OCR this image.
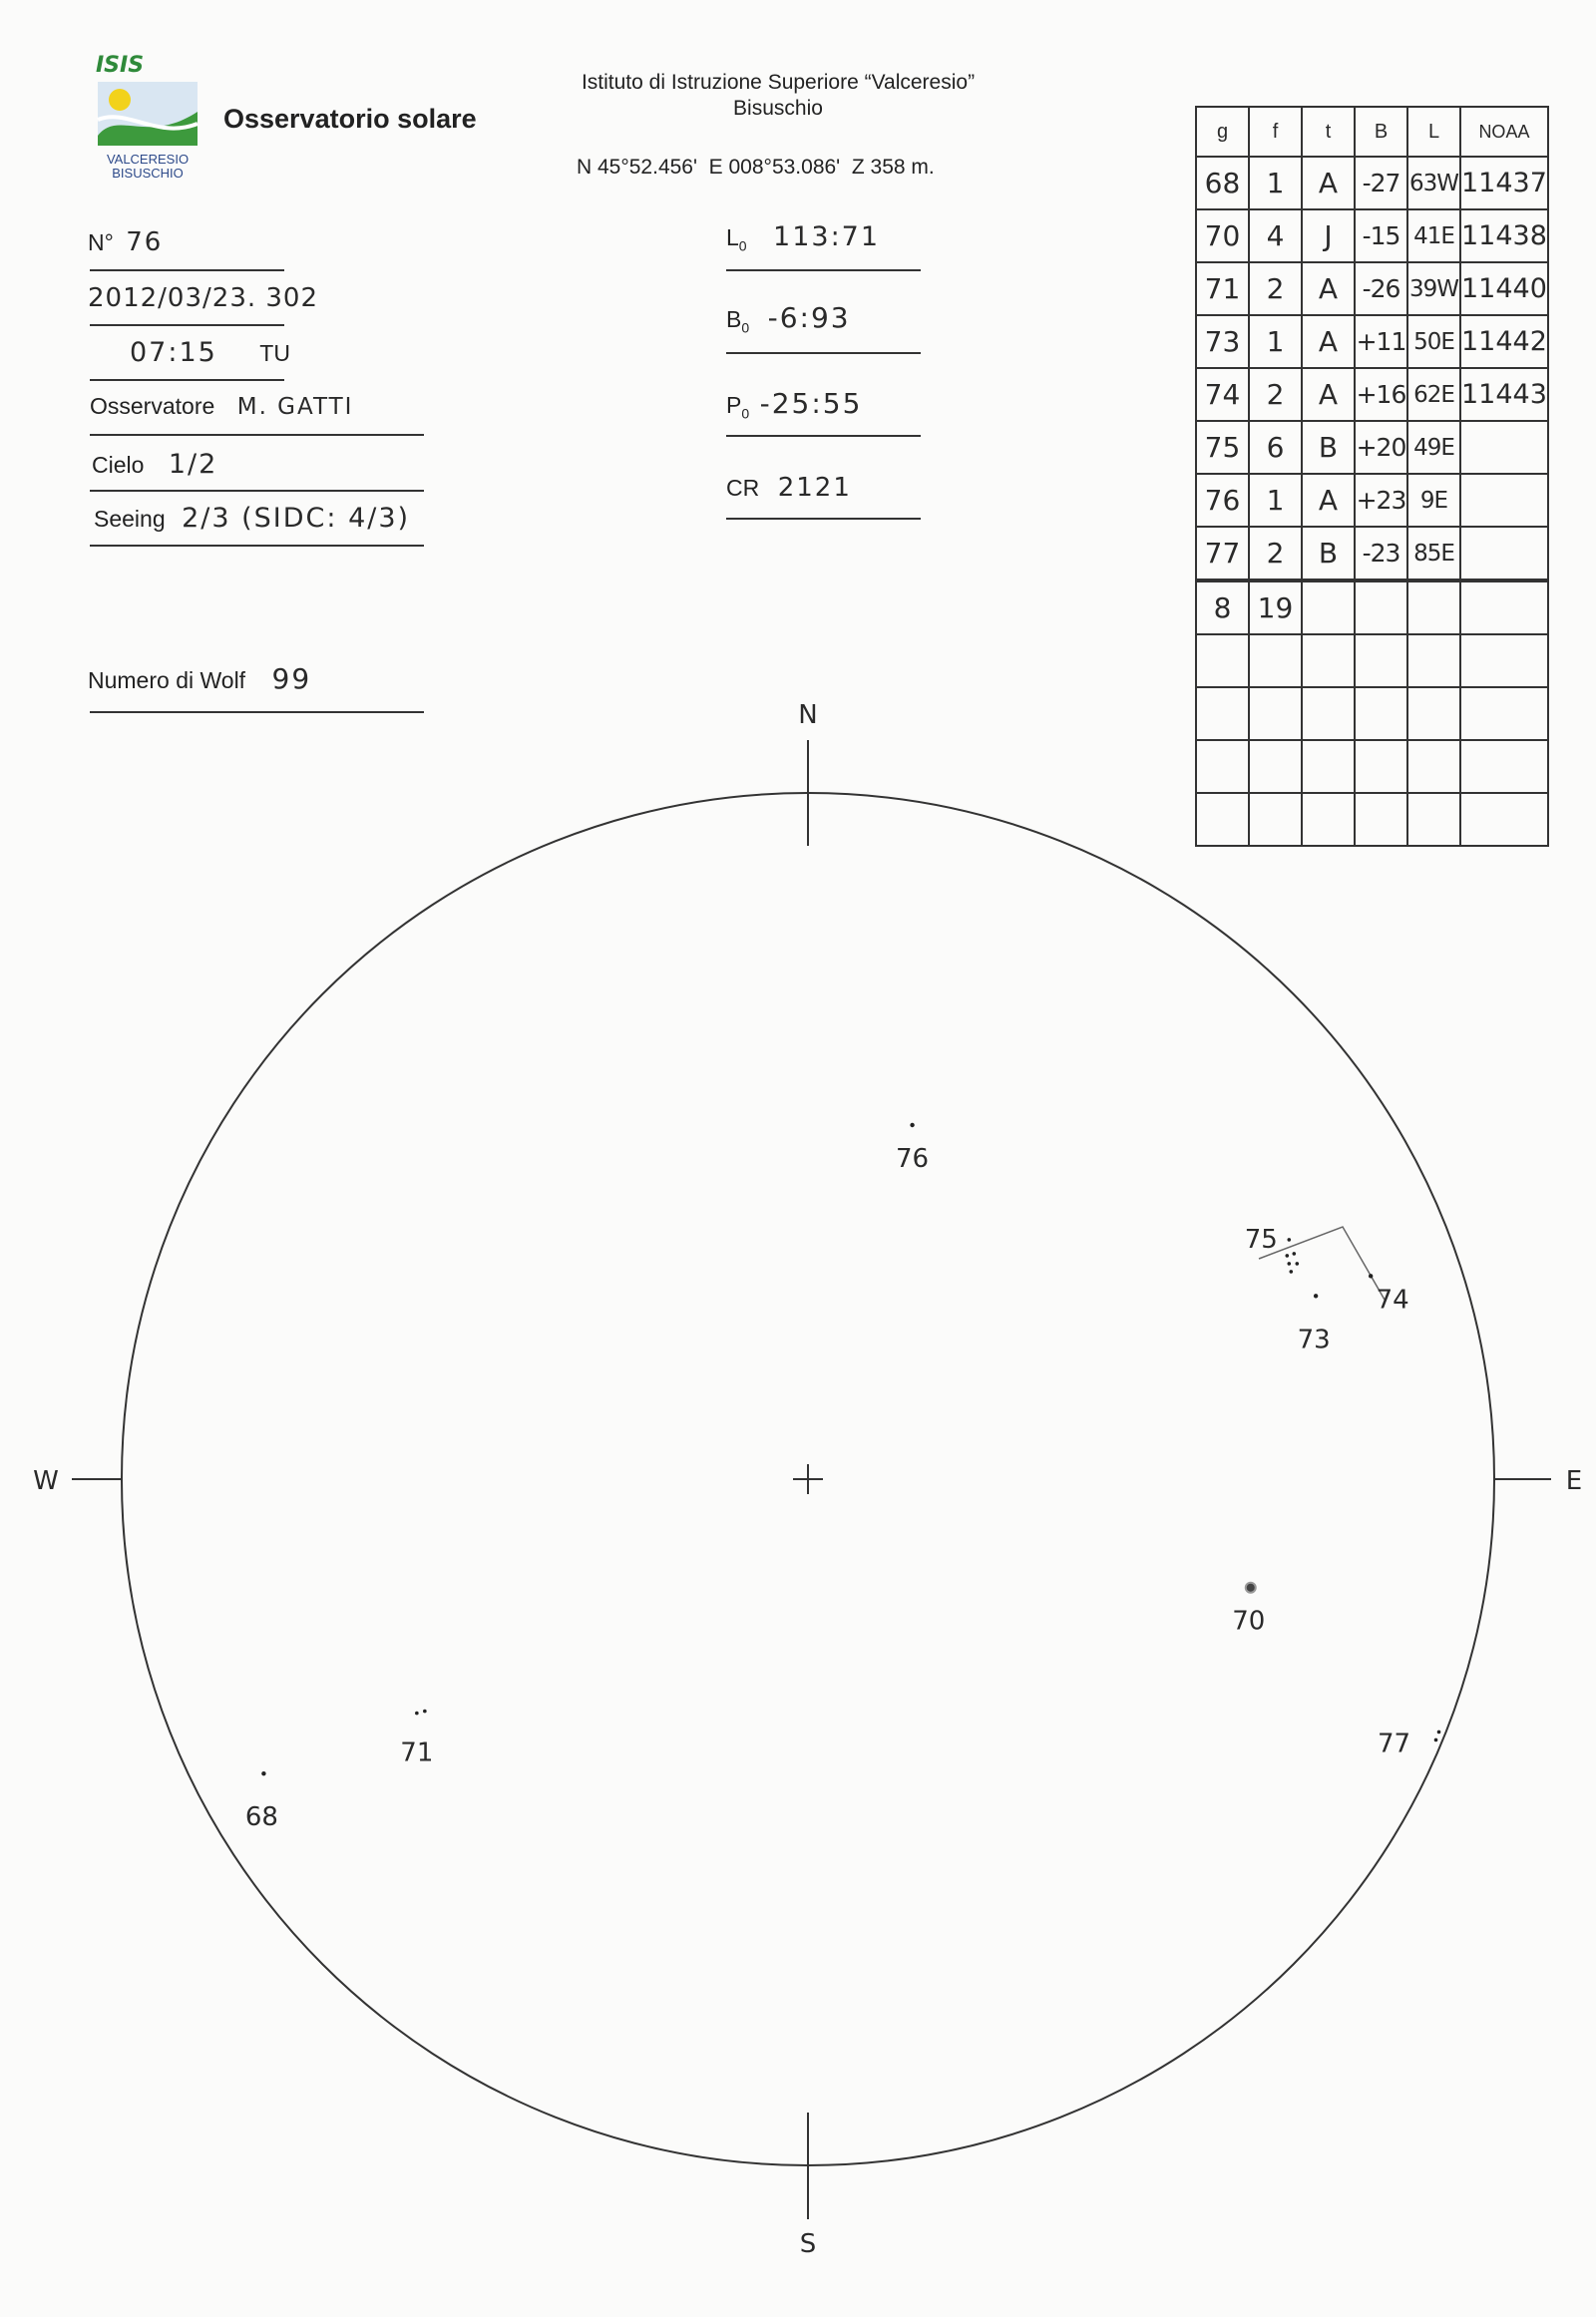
ISIS
VALCERESIO
BISUSCHIO
Osservatorio solare
Istituto di Istruzione Superiore “Valceresio”
Bisuschio
N 45°52.456'  E 008°53.086'  Z 358 m.
N° 76
2012/03/23. 302
07:15 TU
Osservatore M. GATTI
Cielo 1/2
Seeing 2/3 (SIDC: 4/3)
Numero di Wolf 99
$L_0$ 113:71
$B_0$ -6:93
$P_0$ -25:55
CR 2121
g	f	t	B	L	NOAA
68	1	A	-27	63W	11437
70	4	J	-15	41E	11438
71	2	A	-26	39W	11440
73	1	A	+11	50E	11442
74	2	A	+16	62E	11443
75	6	B	+20	49E	
76	1	A	+23	9E	
77	2	B	-23	85E	
8	19				

N
S
W	E
76
75
74
73
70
71
68
77
